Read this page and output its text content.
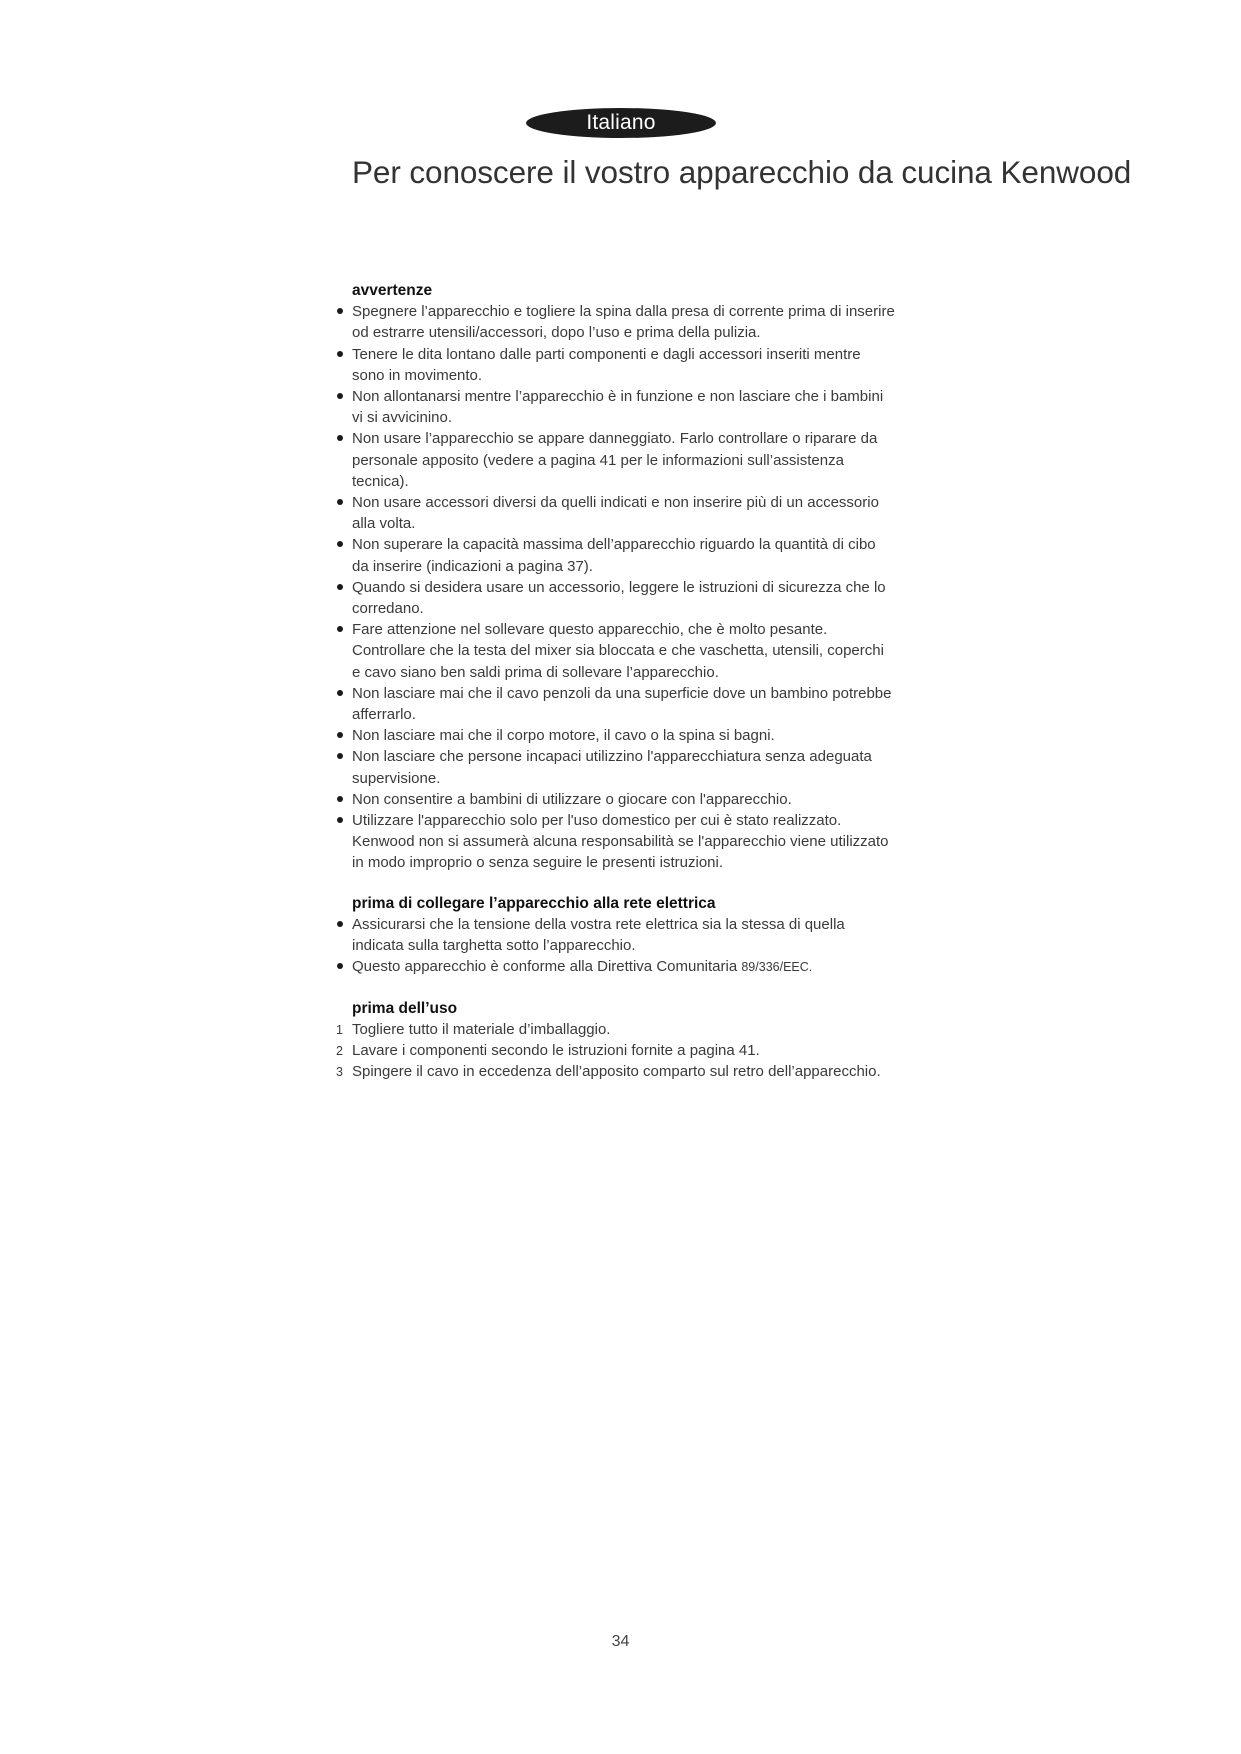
Italiano
Per conoscere il vostro apparecchio da cucina Kenwood
avvertenze
Spegnere l’apparecchio e togliere la spina dalla presa di corrente prima di inserire od estrarre utensili/accessori, dopo l’uso e prima della pulizia.
Tenere le dita lontano dalle parti componenti e dagli accessori inseriti mentre sono in movimento.
Non allontanarsi mentre l’apparecchio è in funzione e non lasciare che i bambini vi si avvicinino.
Non usare l’apparecchio se appare danneggiato. Farlo controllare o riparare da personale apposito (vedere a pagina 41 per le informazioni sull’assistenza tecnica).
Non usare accessori diversi da quelli indicati e non inserire più di un accessorio alla volta.
Non superare la capacità massima dell’apparecchio riguardo la quantità di cibo da inserire (indicazioni a pagina 37).
Quando si desidera usare un accessorio, leggere le istruzioni di sicurezza che lo corredano.
Fare attenzione nel sollevare questo apparecchio, che è molto pesante. Controllare che la testa del mixer sia bloccata e che vaschetta, utensili, coperchi e cavo siano ben saldi prima di sollevare l’apparecchio.
Non lasciare mai che il cavo penzoli da una superficie dove un bambino potrebbe afferrarlo.
Non lasciare mai che il corpo motore, il cavo o la spina si bagni.
Non lasciare che persone incapaci utilizzino l'apparecchiatura senza adeguata supervisione.
Non consentire a bambini di utilizzare o giocare con l'apparecchio.
Utilizzare l'apparecchio solo per l'uso domestico per cui è stato realizzato. Kenwood non si assumerà alcuna responsabilità se l'apparecchio viene utilizzato in modo improprio o senza seguire le presenti istruzioni.
prima di collegare l’apparecchio alla rete elettrica
Assicurarsi che la tensione della vostra rete elettrica sia la stessa di quella indicata sulla targhetta sotto l’apparecchio.
Questo apparecchio è conforme alla Direttiva Comunitaria 89/336/EEC.
prima dell’uso
1 Togliere tutto il materiale d’imballaggio.
2 Lavare i componenti secondo le istruzioni fornite a pagina 41.
3 Spingere il cavo in eccedenza dell’apposito comparto sul retro dell’apparecchio.
34
